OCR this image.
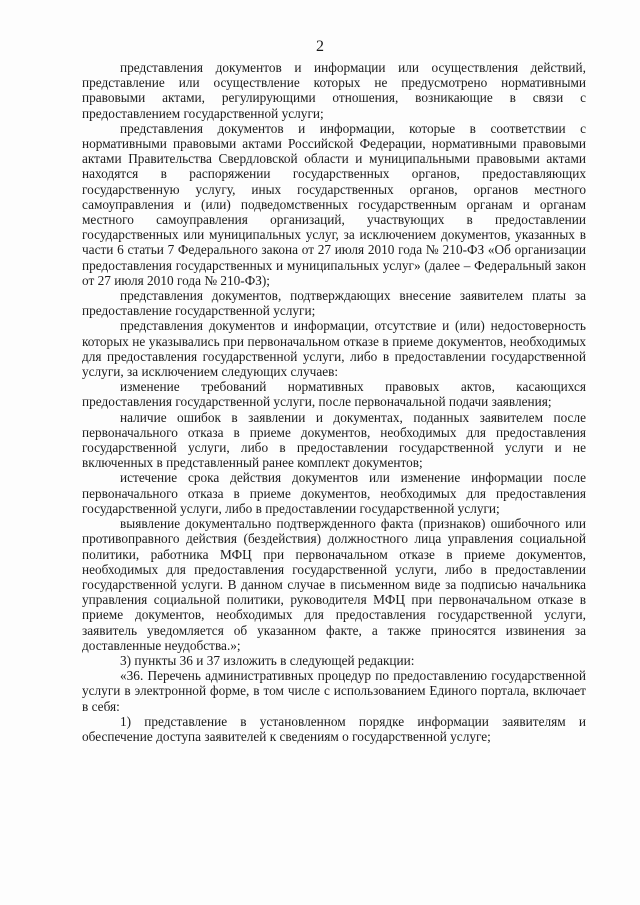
2

представления документов и информации или осуществления действий, представление или осуществление которых не предусмотрено нормативными правовыми актами, регулирующими отношения, возникающие в связи с предоставлением государственной услуги;

представления документов и информации, которые в соответствии с нормативными правовыми актами Российской Федерации, нормативными правовыми актами Правительства Свердловской области и муниципальными правовыми актами находятся в распоряжении государственных органов, предоставляющих государственную услугу, иных государственных органов, органов местного самоуправления и (или) подведомственных государственным органам и органам местного самоуправления организаций, участвующих в предоставлении государственных или муниципальных услуг, за исключением документов, указанных в части 6 статьи 7 Федерального закона от 27 июля 2010 года № 210-ФЗ «Об организации предоставления государственных и муниципальных услуг» (далее – Федеральный закон от 27 июля 2010 года № 210-ФЗ);

представления документов, подтверждающих внесение заявителем платы за предоставление государственной услуги;

представления документов и информации, отсутствие и (или) недостоверность которых не указывались при первоначальном отказе в приеме документов, необходимых для предоставления государственной услуги, либо в предоставлении государственной услуги, за исключением следующих случаев:

изменение требований нормативных правовых актов, касающихся предоставления государственной услуги, после первоначальной подачи заявления;

наличие ошибок в заявлении и документах, поданных заявителем после первоначального отказа в приеме документов, необходимых для предоставления государственной услуги, либо в предоставлении государственной услуги и не включенных в представленный ранее комплект документов;

истечение срока действия документов или изменение информации после первоначального отказа в приеме документов, необходимых для предоставления государственной услуги, либо в предоставлении государственной услуги;

выявление документально подтвержденного факта (признаков) ошибочного или противоправного действия (бездействия) должностного лица управления социальной политики, работника МФЦ при первоначальном отказе в приеме документов, необходимых для предоставления государственной услуги, либо в предоставлении государственной услуги. В данном случае в письменном виде за подписью начальника управления социальной политики, руководителя МФЦ при первоначальном отказе в приеме документов, необходимых для предоставления государственной услуги, заявитель уведомляется об указанном факте, а также приносятся извинения за доставленные неудобства.»;

3) пункты 36 и 37 изложить в следующей редакции:

«36. Перечень административных процедур по предоставлению государственной услуги в электронной форме, в том числе с использованием Единого портала, включает в себя:

1) представление в установленном порядке информации заявителям и обеспечение доступа заявителей к сведениям о государственной услуге;
